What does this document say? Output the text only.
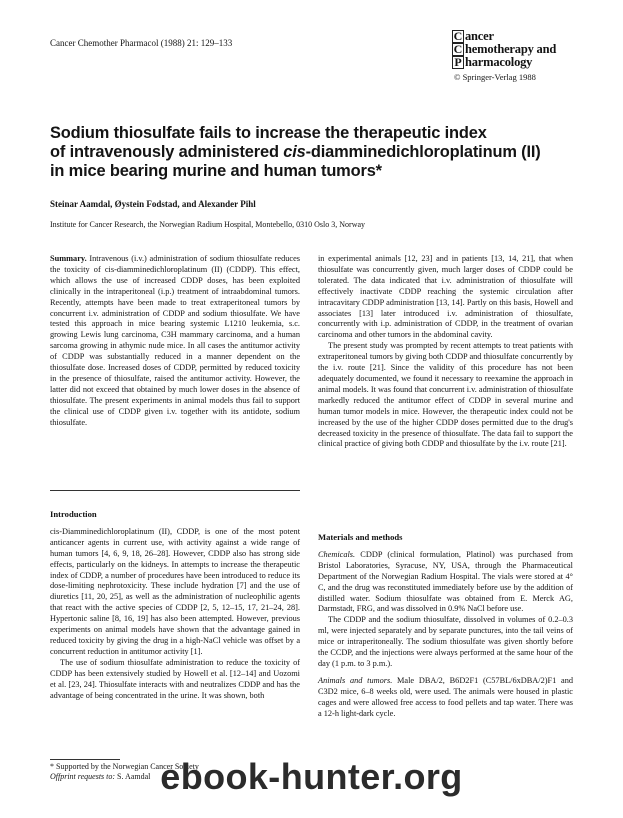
Cancer Chemother Pharmacol (1988) 21: 129–133	C ancer
C hemotherapy and
P harmacology
© Springer-Verlag 1988
Sodium thiosulfate fails to increase the therapeutic index
of intravenously administered cis-diamminedichloroplatinum (II)
in mice bearing murine and human tumors*
Steinar Aamdal, Øystein Fodstad, and Alexander Pihl
Institute for Cancer Research, the Norwegian Radium Hospital, Montebello, 0310 Oslo 3, Norway

Summary. Intravenous (i.v.) administration of sodium thiosulfate reduces the toxicity of cis-diamminedichloroplatinum (II) (CDDP). This effect, which allows the use of increased CDDP doses, has been exploited clinically in the intraperitoneal (i.p.) treatment of intraabdominal tumors. Recently, attempts have been made to treat extraperitoneal tumors by concurrent i.v. administration of CDDP and sodium thiosulfate. We have tested this approach in mice bearing systemic L1210 leukemia, s.c. growing Lewis lung carcinoma, C3H mammary carcinoma, and a human sarcoma growing in athymic nude mice. In all cases the antitumor activity of CDDP was substantially reduced in a manner dependent on the thiosulfate dose. Increased doses of CDDP, permitted by reduced toxicity in the presence of thiosulfate, raised the antitumor activity. However, the latter did not exceed that obtained by much lower doses in the absence of thiosulfate. The present experiments in animal models thus fail to support the clinical use of CDDP given i.v. together with its antidote, sodium thiosulfate.

Introduction

cis-Diamminedichloroplatinum (II), CDDP, is one of the most potent anticancer agents in current use, with activity against a wide range of human tumors [4, 6, 9, 18, 26–28]. However, CDDP also has strong side effects, particularly on the kidneys. In attempts to increase the therapeutic index of CDDP, a number of procedures have been introduced to reduce its dose-limiting nephrotoxicity. These include hydration [7] and the use of diuretics [11, 20, 25], as well as the administration of nucleophilic agents that react with the active species of CDDP [2, 5, 12–15, 17, 21–24, 28]. Hypertonic saline [8, 16, 19] has also been attempted. However, previous experiments on animal models have shown that the advantage gained in reduced toxicity by giving the drug in a high-NaCl vehicle was offset by a concurrent reduction in antitumor activity [1].

The use of sodium thiosulfate administration to reduce the toxicity of CDDP has been extensively studied by Howell et al. [12–14] and Uozomi et al. [23, 24]. Thiosulfate interacts with and neutralizes CDDP and has the advantage of being concentrated in the urine. It was shown, both

* Supported by the Norwegian Cancer Society
Offprint requests to: S. Aamdal

in experimental animals [12, 23] and in patients [13, 14, 21], that when thiosulfate was concurrently given, much larger doses of CDDP could be tolerated. The data indicated that i.v. administration of thiosulfate will effectively inactivate CDDP reaching the systemic circulation after intracavitary CDDP administration [13, 14]. Partly on this basis, Howell and associates [13] later introduced i.v. administration of thiosulfate, concurrently with i.p. administration of CDDP, in the treatment of ovarian carcinoma and other tumors in the abdominal cavity.

The present study was prompted by recent attempts to treat patients with extraperitoneal tumors by giving both CDDP and thiosulfate concurrently by the i.v. route [21]. Since the validity of this procedure has not been adequately documented, we found it necessary to reexamine the approach in animal models. It was found that concurrent i.v. administration of thiosulfate markedly reduced the antitumor effect of CDDP in several murine and human tumor models in mice. However, the therapeutic index could not be increased by the use of the higher CDDP doses permitted due to the drug's decreased toxicity in the presence of thiosulfate. The data fail to support the clinical practice of giving both CDDP and thiosulfate by the i.v. route [21].

Materials and methods

Chemicals. CDDP (clinical formulation, Platinol) was purchased from Bristol Laboratories, Syracuse, NY, USA, through the Pharmaceutical Department of the Norwegian Radium Hospital. The vials were stored at 4° C, and the drug was reconstituted immediately before use by the addition of distilled water. Sodium thiosulfate was obtained from E. Merck AG, Darmstadt, FRG, and was dissolved in 0.9% NaCl before use.

The CDDP and the sodium thiosulfate, dissolved in volumes of 0.2–0.3 ml, were injected separately and by separate punctures, into the tail veins of mice or intraperitoneally. The sodium thiosulfate was given shortly before the CCDP, and the injections were always performed at the same hour of the day (1 p.m. to 3 p.m.).

Animals and tumors. Male DBA/2, B6D2F1 (C57BL/6xDBA/2)F1 and C3D2 mice, 6–8 weeks old, were used. The animals were housed in plastic cages and were allowed free access to food pellets and tap water. There was a 12-h light-dark cycle.

ebook-hunter.org
